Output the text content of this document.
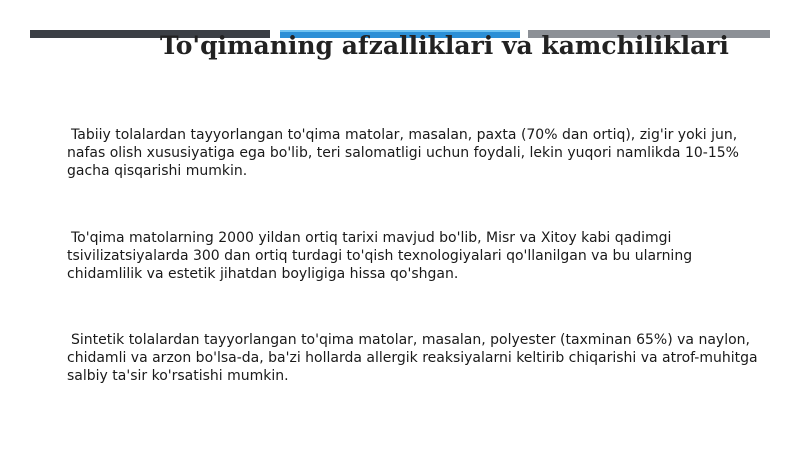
To'qimaning afzalliklari va kamchiliklari

Tabiiy tolalardan tayyorlangan to'qima matolar, masalan, paxta (70% dan ortiq), zig'ir yoki jun, nafas olish xususiyatiga ega bo'lib, teri salomatligi uchun foydali, lekin yuqori namlikda 10-15% gacha qisqarishi mumkin.

To'qima matolarning 2000 yildan ortiq tarixi mavjud bo'lib, Misr va Xitoy kabi qadimgi tsivilizatsiyalarda 300 dan ortiq turdagi to'qish texnologiyalari qo'llanilgan va bu ularning chidamlilik va estetik jihatdan boyligiga hissa qo'shgan.

Sintetik tolalardan tayyorlangan to'qima matolar, masalan, polyester (taxminan 65%) va naylon, chidamli va arzon bo'lsa-da, ba'zi hollarda allergik reaksiyalarni keltirib chiqarishi va atrof-muhitga salbiy ta'sir ko'rsatishi mumkin.
